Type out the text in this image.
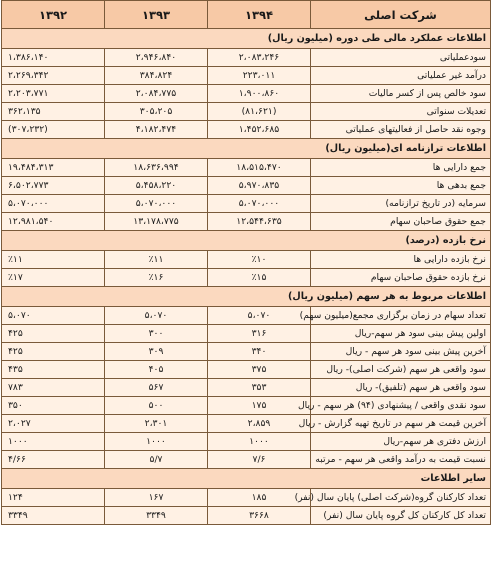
شرکت اصلی	۱۳۹۴	۱۳۹۳	۱۳۹۲
اطلاعات عملکرد مالی طی دوره (میلیون ریال)			
سودعملیاتی	۲،۰۸۳،۲۴۶	۲،۹۴۶،۸۴۰	۱،۳۸۶،۱۴۰
درآمد غیر عملیاتی	۲۲۳،۰۱۱	۳۸۴،۸۲۴	۲،۲۶۹،۳۴۲
سود خالص پس از کسر مالیات	۱،۹۰۰،۸۶۰	۲،۰۸۴،۷۷۵	۲،۲۰۳،۷۷۱
تعدیلات سنواتی	(۸۱،۶۲۱)	۳۰۵،۲۰۵	۳۶۲،۱۳۵
وجوه نقد حاصل از فعالیتهای عملیاتی	۱،۴۵۲،۶۸۵	۴،۱۸۲،۴۷۴	(۳۰۷،۲۳۲)
اطلاعات ترازنامه ای(میلیون ریال)			
جمع دارایی ها	۱۸،۵۱۵،۴۷۰	۱۸،۶۳۶،۹۹۴	۱۹،۴۸۴،۳۱۳
جمع بدهی ها	۵،۹۷۰،۸۳۵	۵،۴۵۸،۲۲۰	۶،۵۰۲،۷۷۳
سرمایه (در تاریخ ترازنامه)	۵،۰۷۰،۰۰۰	۵،۰۷۰،۰۰۰	۵،۰۷۰،۰۰۰
جمع حقوق صاحبان سهام	۱۲،۵۴۴،۶۳۵	۱۳،۱۷۸،۷۷۵	۱۲،۹۸۱،۵۴۰
نرخ بازده (درصد)			
نرخ بازده دارایی ها	٪۱۰	٪۱۱	٪۱۱
نرخ بازده حقوق صاحبان سهام	٪۱۵	٪۱۶	٪۱۷
اطلاعات مربوط به هر سهم (میلیون ریال)			
تعداد سهام در زمان برگزاری مجمع(میلیون سهم)	۵،۰۷۰	۵،۰۷۰	۵،۰۷۰
اولین پیش بینی سود هر سهم-ریال	۳۱۶	۳۰۰	۴۲۵
آخرین پیش بینی سود هر سهم - ریال	۳۴۰	۳۰۹	۴۲۵
سود واقعی هر سهم (شرکت اصلی)- ریال	۳۷۵	۴۰۵	۴۳۵
سود واقعی هر سهم (تلفیق)- ریال	۳۵۳	۵۶۷	۷۸۳
سود نقدی واقعی / پیشنهادی (۹۴) هر سهم - ریال	۱۷۵	۵۰۰	۳۵۰
آخرین قیمت هر سهم در تاریخ تهیه گزارش - ریال	۲،۸۵۹	۲،۳۰۱	۲،۰۲۷
ارزش دفتری هر سهم-ریال	۱۰۰۰	۱۰۰۰	۱۰۰۰
نسبت قیمت به درآمد واقعی هر سهم - مرتبه	۷/۶	۵/۷	۴/۶۶
سایر اطلاعات			
تعداد کارکنان گروه(شرکت اصلی) پایان سال (نفر)	۱۸۵	۱۶۷	۱۲۴
تعداد کل کارکنان کل گروه پایان سال (نفر)	۳۶۶۸	۳۳۴۹	۳۳۴۹
